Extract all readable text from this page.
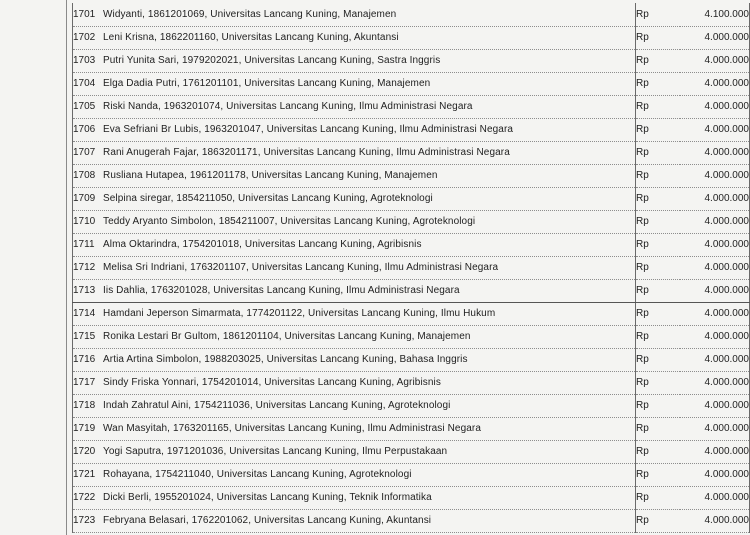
1701 Widyanti, 1861201069, Universitas Lancang Kuning, Manajemen	Rp	4.100.000
1702 Leni Krisna, 1862201160, Universitas Lancang Kuning, Akuntansi	Rp	4.000.000
1703 Putri Yunita Sari, 1979202021, Universitas Lancang Kuning, Sastra Inggris	Rp	4.000.000
1704 Elga Dadia Putri, 1761201101, Universitas Lancang Kuning, Manajemen	Rp	4.000.000
1705 Riski Nanda, 1963201074, Universitas Lancang Kuning, Ilmu Administrasi Negara	Rp	4.000.000
1706 Eva Sefriani Br Lubis, 1963201047, Universitas Lancang Kuning, Ilmu Administrasi Negara	Rp	4.000.000
1707 Rani Anugerah Fajar, 1863201171, Universitas Lancang Kuning, Ilmu Administrasi Negara	Rp	4.000.000
1708 Rusliana Hutapea, 1961201178, Universitas Lancang Kuning, Manajemen	Rp	4.000.000
1709 Selpina siregar, 1854211050, Universitas Lancang Kuning, Agroteknologi	Rp	4.000.000
1710 Teddy Aryanto Simbolon, 1854211007, Universitas Lancang Kuning, Agroteknologi	Rp	4.000.000
1711 Alma Oktarindra, 1754201018, Universitas Lancang Kuning, Agribisnis	Rp	4.000.000
1712 Melisa Sri Indriani, 1763201107, Universitas Lancang Kuning, Ilmu Administrasi Negara	Rp	4.000.000
1713 Iis Dahlia, 1763201028, Universitas Lancang Kuning, Ilmu Administrasi Negara	Rp	4.000.000
1714 Hamdani Jeperson Simarmata, 1774201122, Universitas Lancang Kuning, Ilmu Hukum	Rp	4.000.000
1715 Ronika Lestari Br Gultom, 1861201104, Universitas Lancang Kuning, Manajemen	Rp	4.000.000
1716 Artia Artina Simbolon, 1988203025, Universitas Lancang Kuning, Bahasa Inggris	Rp	4.000.000
1717 Sindy Friska Yonnari, 1754201014, Universitas Lancang Kuning, Agribisnis	Rp	4.000.000
1718 Indah Zahratul Aini, 1754211036, Universitas Lancang Kuning, Agroteknologi	Rp	4.000.000
1719 Wan Masyitah, 1763201165, Universitas Lancang Kuning, Ilmu Administrasi Negara	Rp	4.000.000
1720 Yogi Saputra, 1971201036, Universitas Lancang Kuning, Ilmu Perpustakaan	Rp	4.000.000
1721 Rohayana, 1754211040, Universitas Lancang Kuning, Agroteknologi	Rp	4.000.000
1722 Dicki Berli, 1955201024, Universitas Lancang Kuning, Teknik Informatika	Rp	4.000.000
1723 Febryana Belasari, 1762201062, Universitas Lancang Kuning, Akuntansi	Rp	4.000.000
